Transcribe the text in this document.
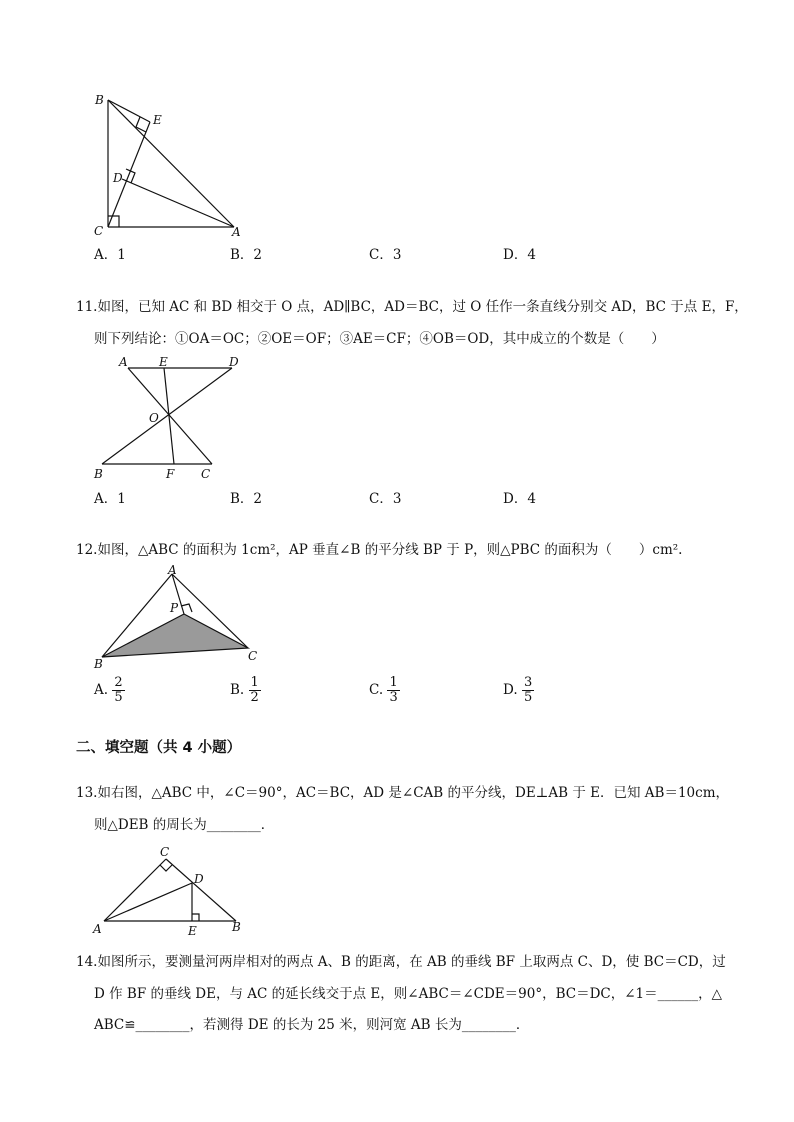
B
E
D
C	A
A．1	B．2	C．3	D．4
11.如图，已知 AC 和 BD 相交于 O 点，AD∥BC，AD＝BC，过 O 任作一条直线分别交 AD，BC 于点 E，F，
则下列结论：①OA＝OC；②OE＝OF；③AE＝CF；④OB＝OD，其中成立的个数是（　　）
A	E	D
O
B	F C
A．1	B．2	C．3	D．4
12.如图，△ABC 的面积为 1cm²，AP 垂直∠B 的平分线 BP 于 P，则△PBC 的面积为（　　）cm².
A
P
B
C
A. $\frac{2}{5}$	B. $\frac{1}{2}$	C. $\frac{1}{3}$	D. $\frac{3}{5}$
二、填空题（共 4 小题）
13.如右图，△ABC 中，∠C＝90°，AC＝BC，AD 是∠CAB 的平分线，DE⊥AB 于 E．已知 AB＝10cm，
则△DEB 的周长为________．
C
D
A	E	B
14.如图所示，要测量河两岸相对的两点 A、B 的距离，在 AB 的垂线 BF 上取两点 C、D，使 BC＝CD，过
D 作 BF 的垂线 DE，与 AC 的延长线交于点 E，则∠ABC＝∠CDE＝90°，BC＝DC，∠1＝______，△
ABC≌________，若测得 DE 的长为 25 米，则河宽 AB 长为________．
